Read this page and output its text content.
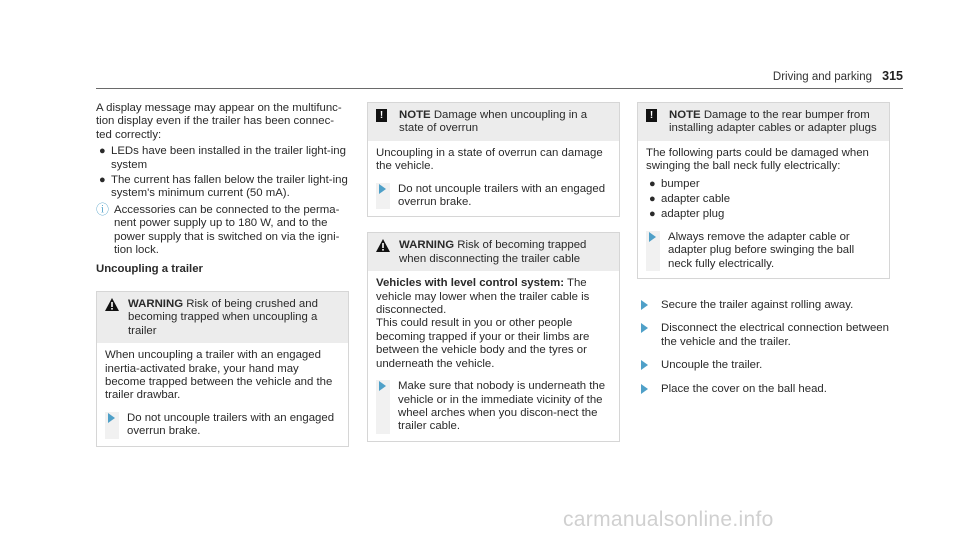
Driving and parking 315

A display message may appear on the multifunc-tion display even if the trailer has been connec-ted correctly:

● LEDs have been installed in the trailer light-ing system
● The current has fallen below the trailer light-ing system's minimum current (50 mA).
ⓘ Accessories can be connected to the perma-nent power supply up to 180 W, and to the power supply that is switched on via the igni-tion lock.

Uncoupling a trailer

WARNING Risk of being crushed and becoming trapped when uncoupling a trailer

When uncoupling a trailer with an engaged inertia-activated brake, your hand may become trapped between the vehicle and the trailer drawbar.

Do not uncouple trailers with an engaged overrun brake.
!	NOTE Damage when uncoupling in a state of overrun

Uncoupling in a state of overrun can damage the vehicle.

Do not uncouple trailers with an engaged overrun brake.
WARNING Risk of becoming trapped when disconnecting the trailer cable

Vehicles with level control system: The vehicle may lower when the trailer cable is disconnected.

This could result in you or other people becoming trapped if your or their limbs are between the vehicle body and the tyres or underneath the vehicle.

Make sure that nobody is underneath the vehicle or in the immediate vicinity of the wheel arches when you discon-nect the trailer cable.
!	NOTE Damage to the rear bumper from installing adapter cables or adapter plugs

The following parts could be damaged when swinging the ball neck fully electrically:

● bumper
● adapter cable
● adapter plug
Always remove the adapter cable or adapter plug before swinging the ball neck fully electrically.
Secure the trailer against rolling away.
Disconnect the electrical connection between the vehicle and the trailer.
Uncouple the trailer.
Place the cover on the ball head.
carmanualsonline.info
